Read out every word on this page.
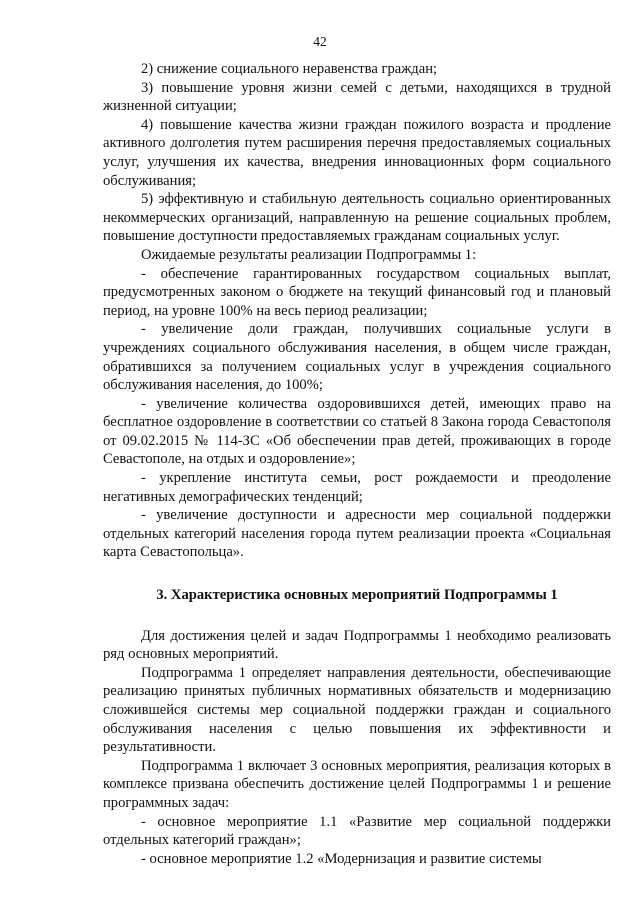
42

2) снижение социального неравенства граждан;

3) повышение уровня жизни семей с детьми, находящихся в трудной жизненной ситуации;

4) повышение качества жизни граждан пожилого возраста и продление активного долголетия путем расширения перечня предоставляемых социальных услуг, улучшения их качества, внедрения инновационных форм социального обслуживания;

5) эффективную и стабильную деятельность социально ориентированных некоммерческих организаций, направленную на решение социальных проблем, повышение доступности предоставляемых гражданам социальных услуг.

Ожидаемые результаты реализации Подпрограммы 1:

- обеспечение гарантированных государством социальных выплат, предусмотренных законом о бюджете на текущий финансовый год и плановый период, на уровне 100% на весь период реализации;

- увеличение доли граждан, получивших социальные услуги в учреждениях социального обслуживания населения, в общем числе граждан, обратившихся за получением социальных услуг в учреждения социального обслуживания населения, до 100%;

- увеличение количества оздоровившихся детей, имеющих право на бесплатное оздоровление в соответствии со статьей 8 Закона города Севастополя от 09.02.2015 № 114-ЗС «Об обеспечении прав детей, проживающих в городе Севастополе, на отдых и оздоровление»;

- укрепление института семьи, рост рождаемости и преодоление негативных демографических тенденций;

- увеличение доступности и адресности мер социальной поддержки отдельных категорий населения города путем реализации проекта «Социальная карта Севастопольца».

3. Характеристика основных мероприятий Подпрограммы 1

Для достижения целей и задач Подпрограммы 1 необходимо реализовать ряд основных мероприятий.

Подпрограмма 1 определяет направления деятельности, обеспечивающие реализацию принятых публичных нормативных обязательств и модернизацию сложившейся системы мер социальной поддержки граждан и социального обслуживания населения с целью повышения их эффективности и результативности.

Подпрограмма 1 включает 3 основных мероприятия, реализация которых в комплексе призвана обеспечить достижение целей Подпрограммы 1 и решение программных задач:

- основное мероприятие 1.1 «Развитие мер социальной поддержки отдельных категорий граждан»;

- основное мероприятие 1.2 «Модернизация и развитие системы
